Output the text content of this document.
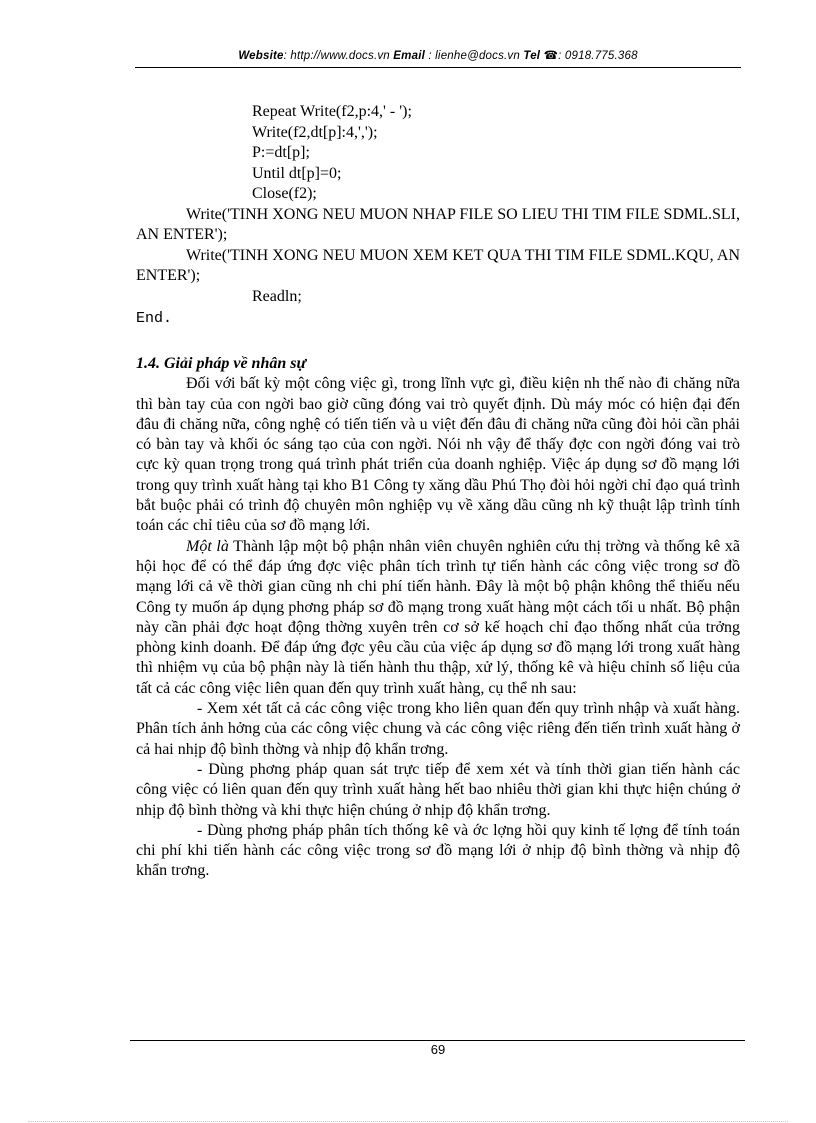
Website: http://www.docs.vn Email : lienhe@docs.vn Tel ☎: 0918.775.368
Repeat Write(f2,p:4,' - ');
Write(f2,dt[p]:4,',');
P:=dt[p];
Until dt[p]=0;
Close(f2);
Write('TINH XONG NEU MUON NHAP FILE SO LIEU THI TIM FILE SDML.SLI, AN ENTER');
Write('TINH XONG NEU MUON XEM KET QUA THI TIM FILE SDML.KQU, AN ENTER');
Readln;
End.
1.4. Giải pháp về nhân sự

Đối với bất kỳ một công việc gì, trong lĩnh vực gì, điều kiện nh thế nào đi chăng nữa thì bàn tay của con ngời bao giờ cũng đóng vai trò quyết định. Dù máy móc có hiện đại đến đâu đi chăng nữa, công nghệ có tiến tiến và u việt đến đâu đi chăng nữa cũng đòi hỏi cần phải có bàn tay và khối óc sáng tạo của con ngời. Nói nh vậy để thấy đợc con ngời đóng vai trò cực kỳ quan trọng trong quá trình phát triển của doanh nghiệp. Việc áp dụng sơ đồ mạng lới trong quy trình xuất hàng tại kho B1 Công ty xăng dầu Phú Thọ đòi hỏi ngời chỉ đạo quá trình bắt buộc phải có trình độ chuyên môn nghiệp vụ về xăng dầu cũng nh kỹ thuật lập trình tính toán các chỉ tiêu của sơ đồ mạng lới.

Một là Thành lập một bộ phận nhân viên chuyên nghiên cứu thị trờng và thống kê xã hội học để có thể đáp ứng đợc việc phân tích trình tự tiến hành các công việc trong sơ đồ mạng lới cả về thời gian cũng nh chi phí tiến hành. Đây là một bộ phận không thể thiếu nếu Công ty muốn áp dụng phơng pháp sơ đồ mạng trong xuất hàng một cách tối u nhất. Bộ phận này cần phải đợc hoạt động thờng xuyên trên cơ sở kế hoạch chỉ đạo thống nhất của trởng phòng kinh doanh. Để đáp ứng đợc yêu cầu của việc áp dụng sơ đồ mạng lới trong xuất hàng thì nhiệm vụ của bộ phận này là tiến hành thu thập, xử lý, thống kê và hiệu chỉnh số liệu của tất cả các công việc liên quan đến quy trình xuất hàng, cụ thể nh sau:

- Xem xét tất cả các công việc trong kho liên quan đến quy trình nhập và xuất hàng. Phân tích ảnh hởng của các công việc chung và các công việc riêng đến tiến trình xuất hàng ở cả hai nhịp độ bình thờng và nhịp độ khẩn trơng.

- Dùng phơng pháp quan sát trực tiếp để xem xét và tính thời gian tiến hành các công việc có liên quan đến quy trình xuất hàng hết bao nhiêu thời gian khi thực hiện chúng ở nhịp độ bình thờng và khi thực hiện chúng ở nhịp độ khẩn trơng.

- Dùng phơng pháp phân tích thống kê và ớc lợng hồi quy kinh tế lợng để tính toán chi phí khi tiến hành các công việc trong sơ đồ mạng lới ở nhịp độ bình thờng và nhịp độ khẩn trơng.

69
